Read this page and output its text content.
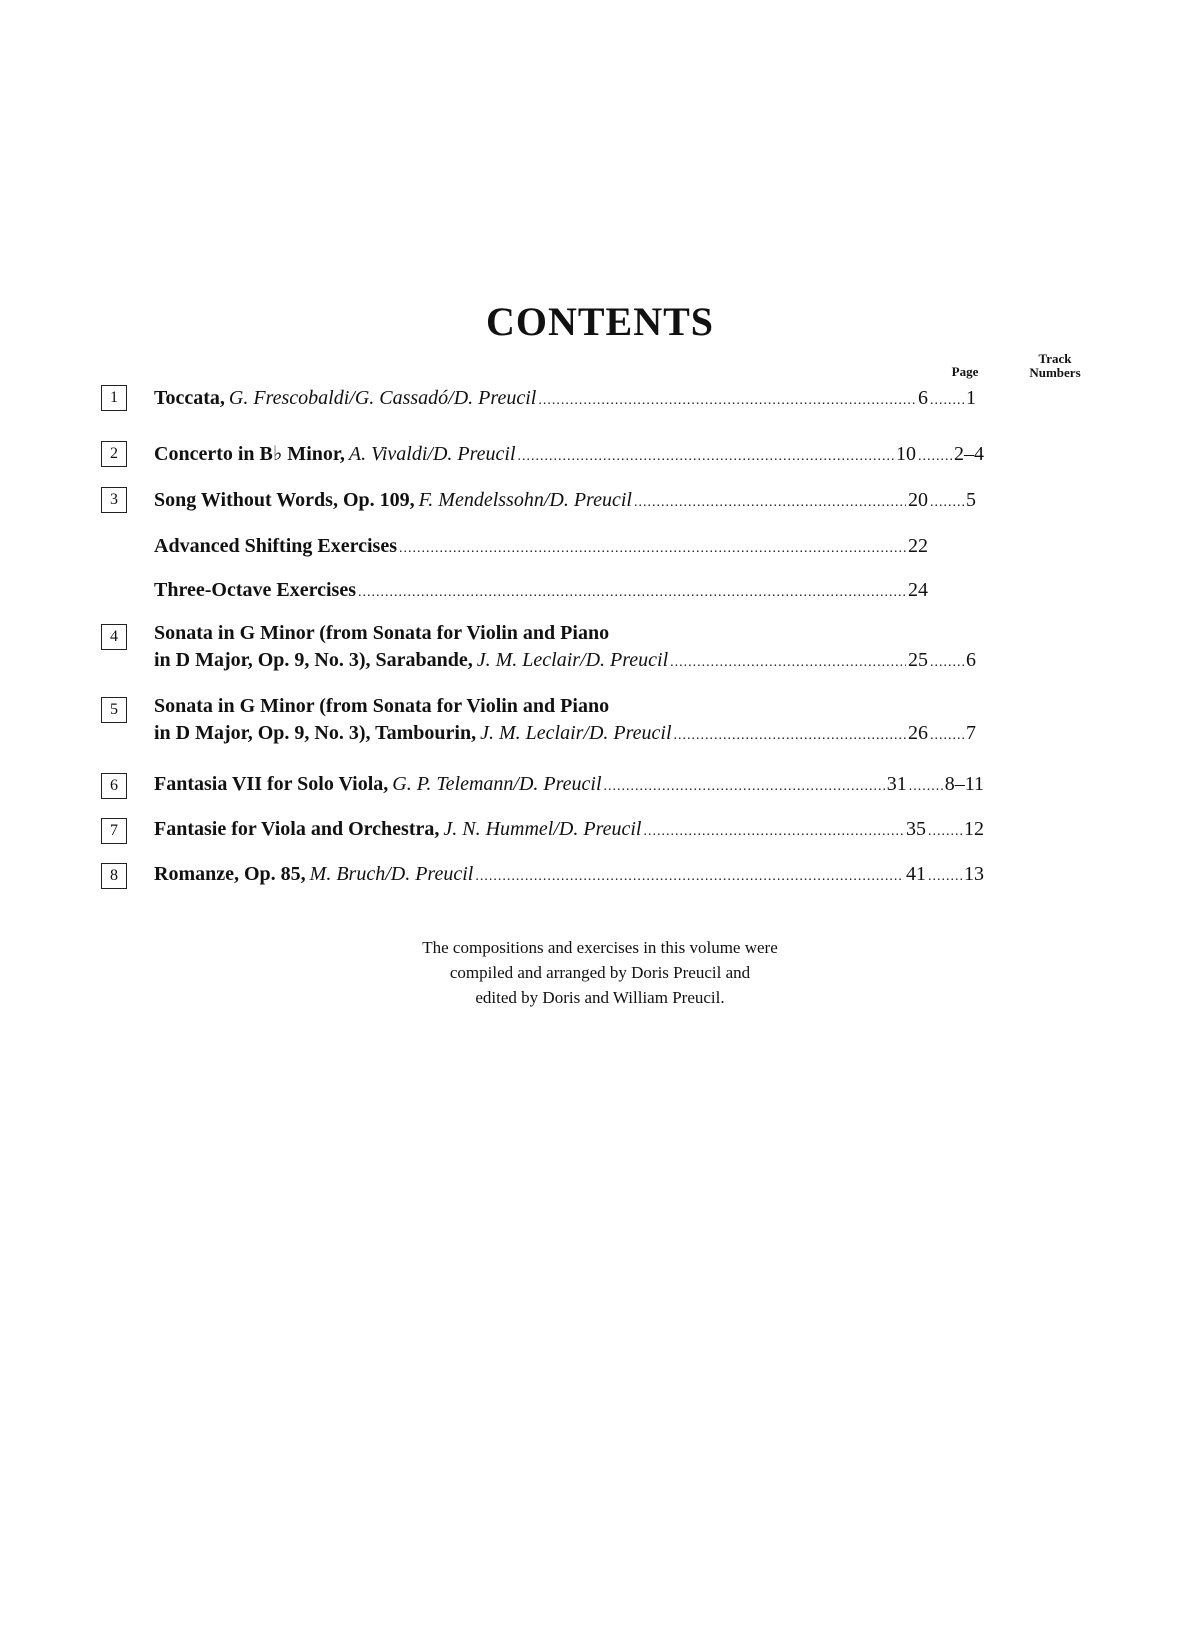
CONTENTS
Page
Track Numbers
1	Toccata, G. Frescobaldi/G. Cassadó/D. Preucil .....	6 ..... 1
2	Concerto in B♭ Minor, A. Vivaldi/D. Preucil .....	10 ..... 2–4
3	Song Without Words, Op. 109, F. Mendelssohn/D. Preucil .....	20 ..... 5
Advanced Shifting Exercises .....	22
Three-Octave Exercises .....	24
4	Sonata in G Minor (from Sonata for Violin and Piano
in D Major, Op. 9, No. 3), Sarabande, J. M. Leclair/D. Preucil .....	25 ..... 6
5	Sonata in G Minor (from Sonata for Violin and Piano
in D Major, Op. 9, No. 3), Tambourin, J. M. Leclair/D. Preucil .....	26 ..... 7
6	Fantasia VII for Solo Viola, G. P. Telemann/D. Preucil .....	31 ..... 8–11
7	Fantasie for Viola and Orchestra, J. N. Hummel/D. Preucil .....	35 ..... 12
8	Romanze, Op. 85, M. Bruch/D. Preucil .....	41 ..... 13
The compositions and exercises in this volume were
compiled and arranged by Doris Preucil and
edited by Doris and William Preucil.
